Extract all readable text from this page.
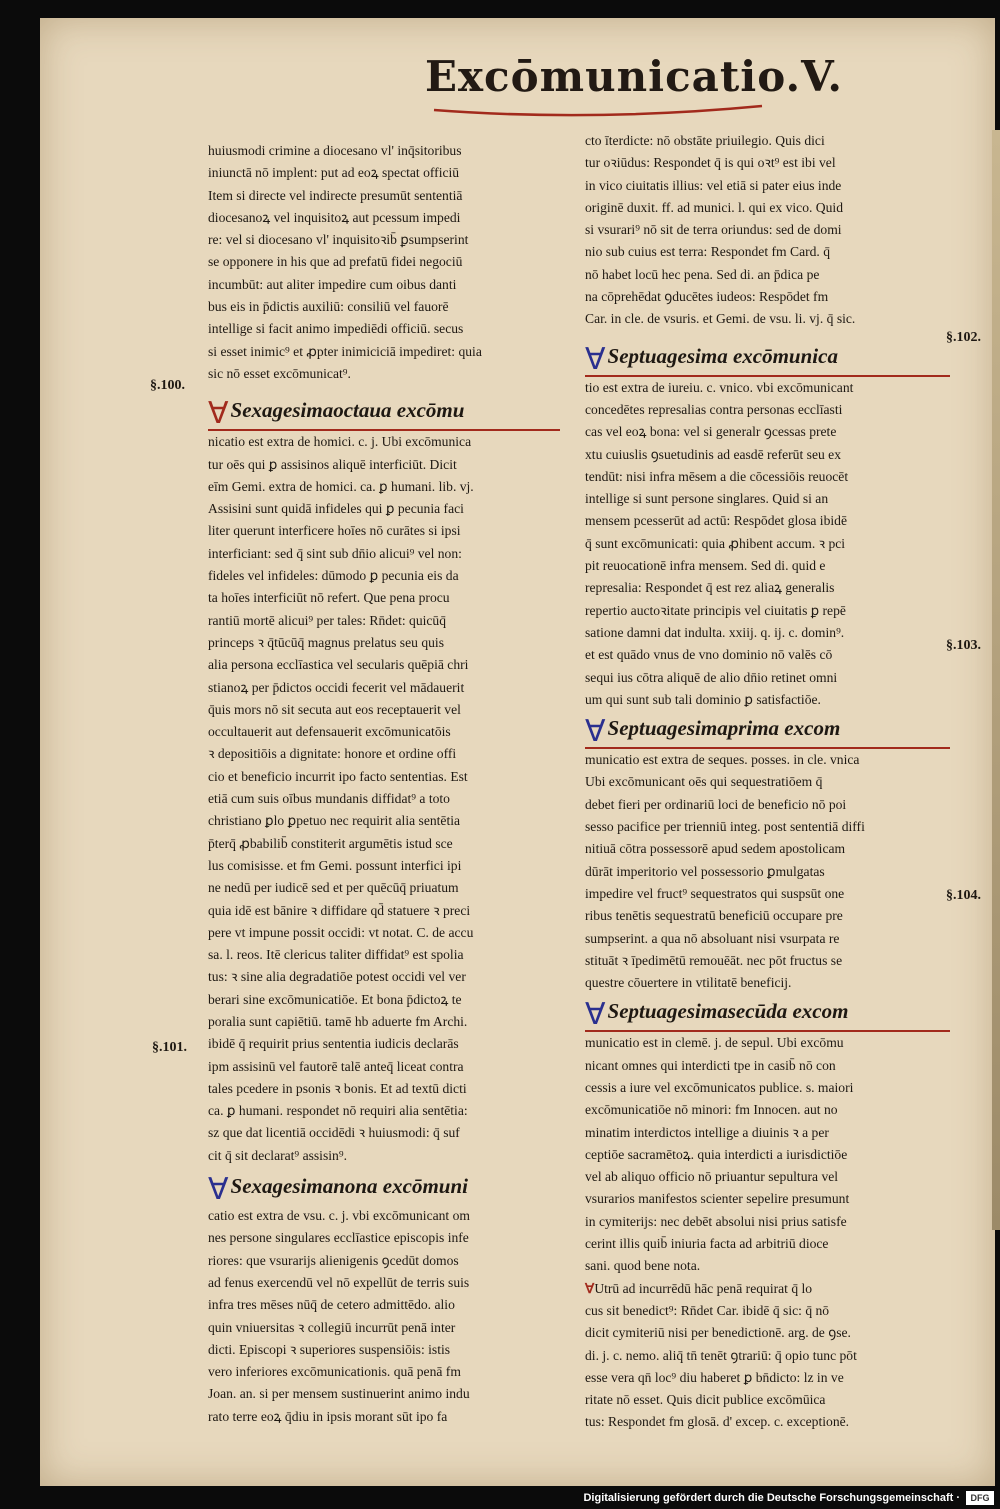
Excōmunicatio.V.
§.100.
§.101.
§.102.
§.103.
§.104.
huiusmodi crimine a diocesano vl' inq̄sitoribus
iniunctā nō implent: put ad eoꝝ spectat officiū
Item si directe vel indirecte presumūt sententiā
diocesanoꝝ vel inquisitoꝝ aut pcessum impedi
re: vel si diocesano vl' inquisitoꝛib̄ ꝑsumpserint
se opponere in his que ad prefatū fidei negociū
incumbūt: aut aliter impedire cum oibus danti
bus eis in p̄dictis auxiliū: consiliū vel fauorē
intellige si facit animo impediēdi officiū. secus
si esset inimic⁹ et ꝓpter inimiciciā impediret: quia
sic nō esset excōmunicat⁹.
ⱯSexagesimaoctaua excōmu
nicatio est extra de homici. c. j. Ubi excōmunica
tur oēs qui ꝑ assisinos aliquē interficiūt. Dicit
eīm Gemi. extra de homici. ca. ꝑ humani. lib. vj.
Assisini sunt quidā infideles qui ꝑ pecunia faci
liter querunt interficere hoīes nō curātes si ipsi
interficiant: sed q̄ sint sub dn̄io alicui⁹ vel non:
fideles vel infideles: dūmodo ꝑ pecunia eis da
ta hoīes interficiūt nō refert. Que pena procu
rantiū mortē alicui⁹ per tales: Rn̄det: quicūq̄
princeps ꝛ q̄tūcūq̄ magnus prelatus seu quis
alia persona ecclīastica vel secularis quēpiā chri
stianoꝝ per p̄dictos occidi fecerit vel mādauerit
q̄uis mors nō sit secuta aut eos receptauerit vel
occultauerit aut defensauerit excōmunicatōis
ꝛ depositiōis a dignitate: honore et ordine offi
cio et beneficio incurrit ipo facto sententias. Est
etiā cum suis oībus mundanis diffidat⁹ a toto
christiano ꝑlo ꝑpetuo nec requirit alia sentētia
p̄terq̄ ꝓbabilib̄ constiterit argumētis istud sce
lus comisisse. et fm Gemi. possunt interfici ipi
ne nedū per iudicē sed et per quēcūq̄ priuatum
quia idē est bānire ꝛ diffidare qd̄ statuere ꝛ preci
pere vt impune possit occidi: vt notat. C. de accu
sa. l. reos. Itē clericus taliter diffidat⁹ est spolia
tus: ꝛ sine alia degradatiōe potest occidi vel ver
berari sine excōmunicatiōe. Et bona p̄dictoꝝ te
poralia sunt capiētiū. tamē hb aduerte fm Archi.
ibidē q̄ requirit prius sententia iudicis declarās
ipm assisinū vel fautorē talē anteq̄ liceat contra
tales pcedere in psonis ꝛ bonis. Et ad textū dicti
ca. ꝑ humani. respondet nō requiri alia sentētia:
sz que dat licentiā occidēdi ꝛ huiusmodi: q̄ suf
cit q̄ sit declarat⁹ assisin⁹.
ⱯSexagesimanona excōmuni
catio est extra de vsu. c. j. vbi excōmunicant om
nes persone singulares ecclīastice episcopis infe
riores: que vsurarijs alienigenis ꝯcedūt domos
ad fenus exercendū vel nō expellūt de terris suis
infra tres mēses nūq̄ de cetero admittēdo. alio
quin vniuersitas ꝛ collegiū incurrūt penā inter
dicti. Episcopi ꝛ superiores suspensiōis: istis
vero inferiores excōmunicationis. quā penā fm
Joan. an. si per mensem sustinuerint animo indu
rato terre eoꝝ q̄diu in ipsis morant sūt ipo fa
cto īterdicte: nō obstāte priuilegio. Quis dici
tur oꝛiūdus: Respondet q̄ is qui oꝛt⁹ est ibi vel
in vico ciuitatis illius: vel etiā si pater eius inde
originē duxit. ff. ad munici. l. qui ex vico. Quid
si vsurari⁹ nō sit de terra oriundus: sed de domi
nio sub cuius est terra: Respondet fm Card. q̄
nō habet locū hec pena. Sed di. an p̄dica pe
na cōprehēdat ꝯducētes iudeos: Respōdet fm
Car. in cle. de vsuris. et Gemi. de vsu. li. vj. q̄ sic.
ⱯSeptuagesima excōmunica
tio est extra de iureiu. c. vnico. vbi excōmunicant
concedētes represalias contra personas ecclīasti
cas vel eoꝝ bona: vel si generalr ꝯcessas prete
xtu cuiuslis ꝯsuetudinis ad easdē referūt seu ex
tendūt: nisi infra mēsem a die cōcessiōis reuocēt
intellige si sunt persone singlares. Quid si an
mensem pcesserūt ad actū: Respōdet glosa ibidē
q̄ sunt excōmunicati: quia ꝓhibent accum. ꝛ pci
pit reuocationē infra mensem. Sed di. quid e
represalia: Respondet q̄ est rez aliaꝝ generalis
repertio auctoꝛitate principis vel ciuitatis ꝑ repē
satione damni dat indulta. xxiij. q. ij. c. domin⁹.
et est quādo vnus de vno dominio nō valēs cō
sequi ius cōtra aliquē de alio dn̄io retinet omni
um qui sunt sub tali dominio ꝑ satisfactiōe.
ⱯSeptuagesimaprima excom
municatio est extra de seques. posses. in cle. vnica
Ubi excōmunicant oēs qui sequestratiōem q̄
debet fieri per ordinariū loci de beneficio nō poi
sesso pacifice per trienniū integ. post sententiā diffi
nitiuā cōtra possessorē apud sedem apostolicam
dūrāt imperitorio vel possessorio ꝑmulgatas
impedire vel fruct⁹ sequestratos qui suspsūt one
ribus tenētis sequestratū beneficiū occupare pre
sumpserint. a qua nō absoluant nisi vsurpata re
stituāt ꝛ īpedimētū remouēāt. nec pōt fructus se
questre cōuertere in vtilitatē beneficij.
ⱯSeptuagesimasecūda excom
municatio est in clemē. j. de sepul. Ubi excōmu
nicant omnes qui interdicti tpe in casib̄ nō con
cessis a iure vel excōmunicatos publice. s. maiori
excōmunicatiōe nō minori: fm Innocen. aut no
minatim interdictos intellige a diuinis ꝛ a per
ceptiōe sacramētoꝝ. quia interdicti a iurisdictiōe
vel ab aliquo officio nō priuantur sepultura vel
vsurarios manifestos scienter sepelire presumunt
in cymiterijs: nec debēt absolui nisi prius satisfe
cerint illis quib̄ iniuria facta ad arbitriū dioce
sani. quod bene nota.
ⱯUtrū ad incurrēdū hāc penā requirat q̄ lo
cus sit benedict⁹: Rn̄det Car. ibidē q̄ sic: q̄ nō
dicit cymiteriū nisi per benedictionē. arg. de ꝯse.
di. j. c. nemo. aliq̄ tn̄ tenēt ꝯtrariū: q̄ opio tunc pōt
esse vera qn̄ loc⁹ diu haberet ꝑ bn̄dicto: lz in ve
ritate nō esset. Quis dicit publice excōmūica
tus: Respondet fm glosā. d' excep. c. exceptionē.
Digitalisierung gefördert durch die Deutsche Forschungsgemeinschaft ·	DFG
